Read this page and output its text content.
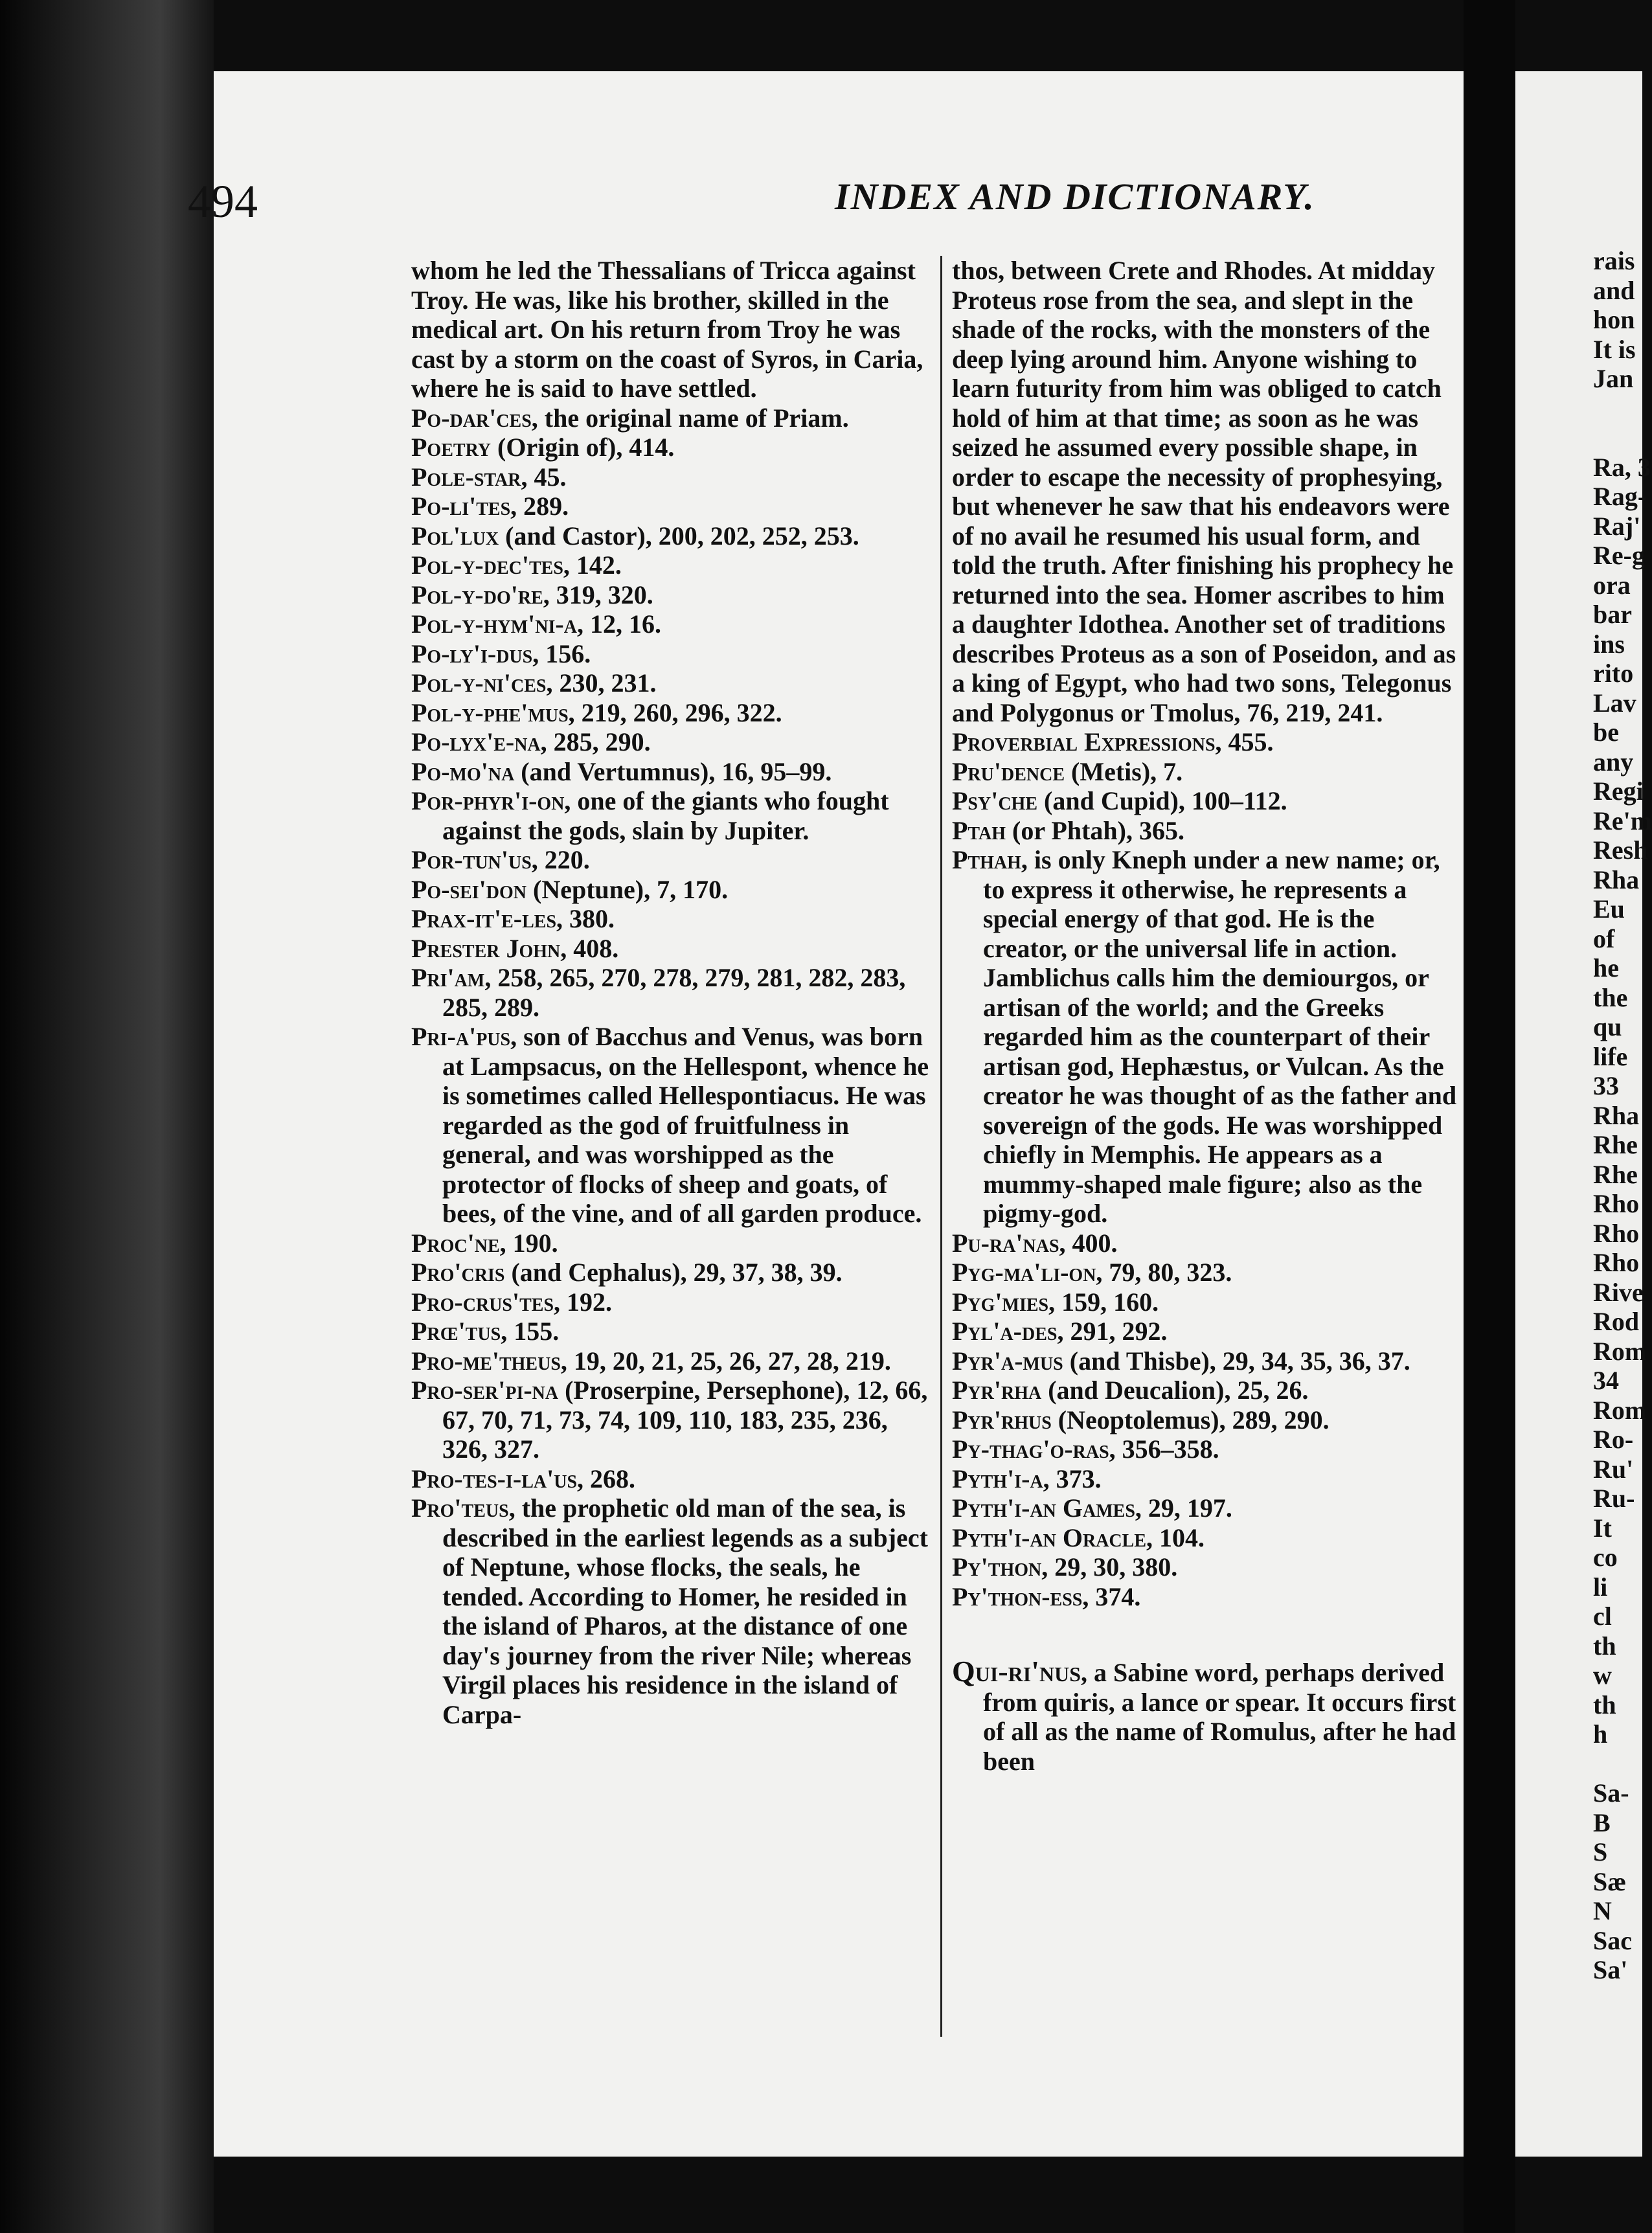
rais
and
hon
It is
Jan

Ra, 3
Rag-
Raj'
Re-g
ora
bar
ins
rito
Lav
be
any
Regi
Re'm
Resh
Rha
Eu
of
he
the
qu
life
33
Rha
Rhe
Rhe
Rho
Rho
Rho
Rive
Rod
Rom
34
Rom
Ro-
Ru'
Ru-
It
co
li
cl
th
w
th
h

Sa-
B
S
Sæ
N
Sac
Sa'
494	INDEX AND DICTIONARY.

whom he led the Thessalians of Tricca against Troy. He was, like his brother, skilled in the medical art. On his return from Troy he was cast by a storm on the coast of Syros, in Caria, where he is said to have settled.

Po-dar'ces, the original name of Priam.

Poetry (Origin of), 414.

Pole-star, 45.

Po-li'tes, 289.

Pol'lux (and Castor), 200, 202, 252, 253.

Pol-y-dec'tes, 142.

Pol-y-do're, 319, 320.

Pol-y-hym'ni-a, 12, 16.

Po-ly'i-dus, 156.

Pol-y-ni'ces, 230, 231.

Pol-y-phe'mus, 219, 260, 296, 322.

Po-lyx'e-na, 285, 290.

Po-mo'na (and Vertumnus), 16, 95–99.

Por-phyr'i-on, one of the giants who fought against the gods, slain by Jupiter.

Por-tun'us, 220.

Po-sei'don (Neptune), 7, 170.

Prax-it'e-les, 380.

Prester John, 408.

Pri'am, 258, 265, 270, 278, 279, 281, 282, 283, 285, 289.

Pri-a'pus, son of Bacchus and Venus, was born at Lampsacus, on the Hellespont, whence he is sometimes called Hellespontiacus. He was regarded as the god of fruitfulness in general, and was worshipped as the protector of flocks of sheep and goats, of bees, of the vine, and of all garden produce.

Proc'ne, 190.

Pro'cris (and Cephalus), 29, 37, 38, 39.

Pro-crus'tes, 192.

Prœ'tus, 155.

Pro-me'theus, 19, 20, 21, 25, 26, 27, 28, 219.

Pro-ser'pi-na (Proserpine, Persephone), 12, 66, 67, 70, 71, 73, 74, 109, 110, 183, 235, 236, 326, 327.

Pro-tes-i-la'us, 268.

Pro'teus, the prophetic old man of the sea, is described in the earliest legends as a subject of Neptune, whose flocks, the seals, he tended. According to Homer, he resided in the island of Pharos, at the distance of one day's journey from the river Nile; whereas Virgil places his residence in the island of Carpa-

thos, between Crete and Rhodes. At midday Proteus rose from the sea, and slept in the shade of the rocks, with the monsters of the deep lying around him. Anyone wishing to learn futurity from him was obliged to catch hold of him at that time; as soon as he was seized he assumed every possible shape, in order to escape the necessity of prophesying, but whenever he saw that his endeavors were of no avail he resumed his usual form, and told the truth. After finishing his prophecy he returned into the sea. Homer ascribes to him a daughter Idothea. Another set of traditions describes Proteus as a son of Poseidon, and as a king of Egypt, who had two sons, Telegonus and Polygonus or Tmolus, 76, 219, 241.

Proverbial Expressions, 455.

Pru'dence (Metis), 7.

Psy'che (and Cupid), 100–112.

Ptah (or Phtah), 365.

Pthah, is only Kneph under a new name; or, to express it otherwise, he represents a special energy of that god. He is the creator, or the universal life in action. Jamblichus calls him the demiourgos, or artisan of the world; and the Greeks regarded him as the counterpart of their artisan god, Hephæstus, or Vulcan. As the creator he was thought of as the father and sovereign of the gods. He was worshipped chiefly in Memphis. He appears as a mummy-shaped male figure; also as the pigmy-god.

Pu-ra'nas, 400.

Pyg-ma'li-on, 79, 80, 323.

Pyg'mies, 159, 160.

Pyl'a-des, 291, 292.

Pyr'a-mus (and Thisbe), 29, 34, 35, 36, 37.

Pyr'rha (and Deucalion), 25, 26.

Pyr'rhus (Neoptolemus), 289, 290.

Py-thag'o-ras, 356–358.

Pyth'i-a, 373.

Pyth'i-an Games, 29, 197.

Pyth'i-an Oracle, 104.

Py'thon, 29, 30, 380.

Py'thon-ess, 374.

Qui-ri'nus, a Sabine word, perhaps derived from quiris, a lance or spear. It occurs first of all as the name of Romulus, after he had been
